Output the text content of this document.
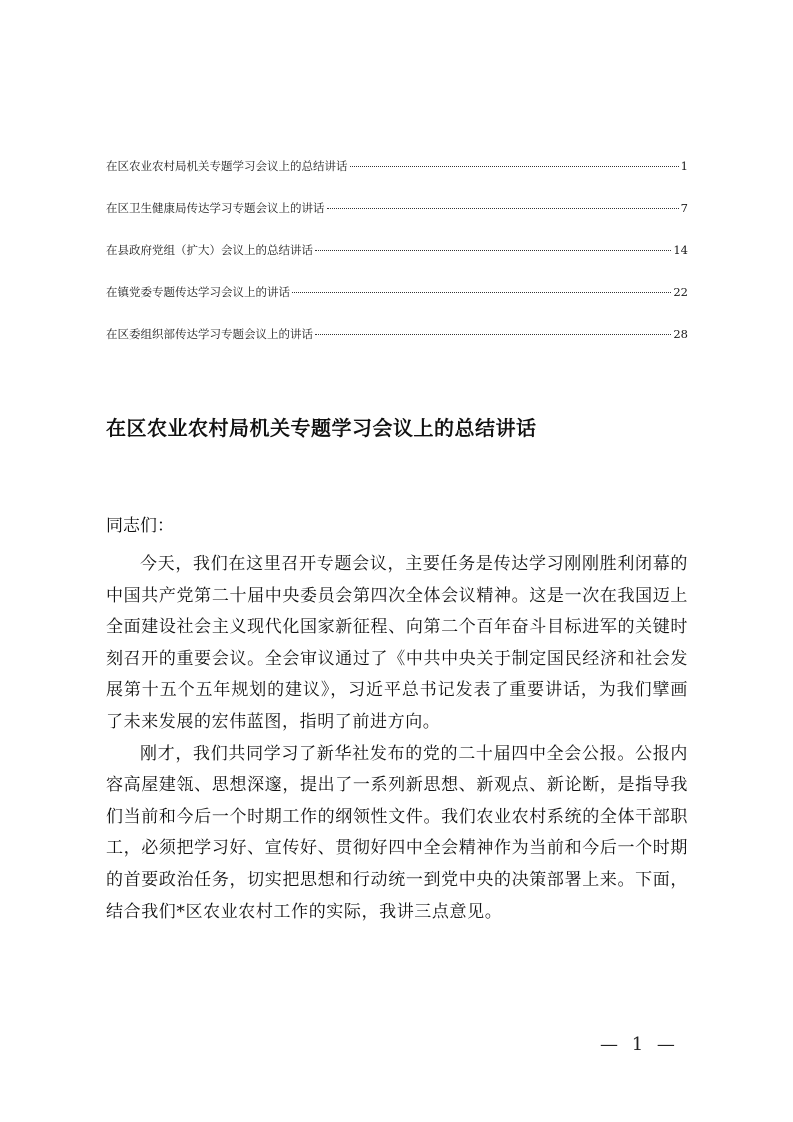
在区农业农村局机关专题学习会议上的总结讲话	1
在区卫生健康局传达学习专题会议上的讲话	7
在县政府党组（扩大）会议上的总结讲话	14
在镇党委专题传达学习会议上的讲话	22
在区委组织部传达学习专题会议上的讲话	28
在区农业农村局机关专题学习会议上的总结讲话
同志们：

今天，我们在这里召开专题会议，主要任务是传达学习刚刚胜利闭幕的中国共产党第二十届中央委员会第四次全体会议精神。这是一次在我国迈上全面建设社会主义现代化国家新征程、向第二个百年奋斗目标进军的关键时刻召开的重要会议。全会审议通过了《中共中央关于制定国民经济和社会发展第十五个五年规划的建议》，习近平总书记发表了重要讲话，为我们擘画了未来发展的宏伟蓝图，指明了前进方向。

刚才，我们共同学习了新华社发布的党的二十届四中全会公报。公报内容高屋建瓴、思想深邃，提出了一系列新思想、新观点、新论断，是指导我们当前和今后一个时期工作的纲领性文件。我们农业农村系统的全体干部职工，必须把学习好、宣传好、贯彻好四中全会精神作为当前和今后一个时期的首要政治任务，切实把思想和行动统一到党中央的决策部署上来。下面，结合我们*区农业农村工作的实际，我讲三点意见。

— 1 —
